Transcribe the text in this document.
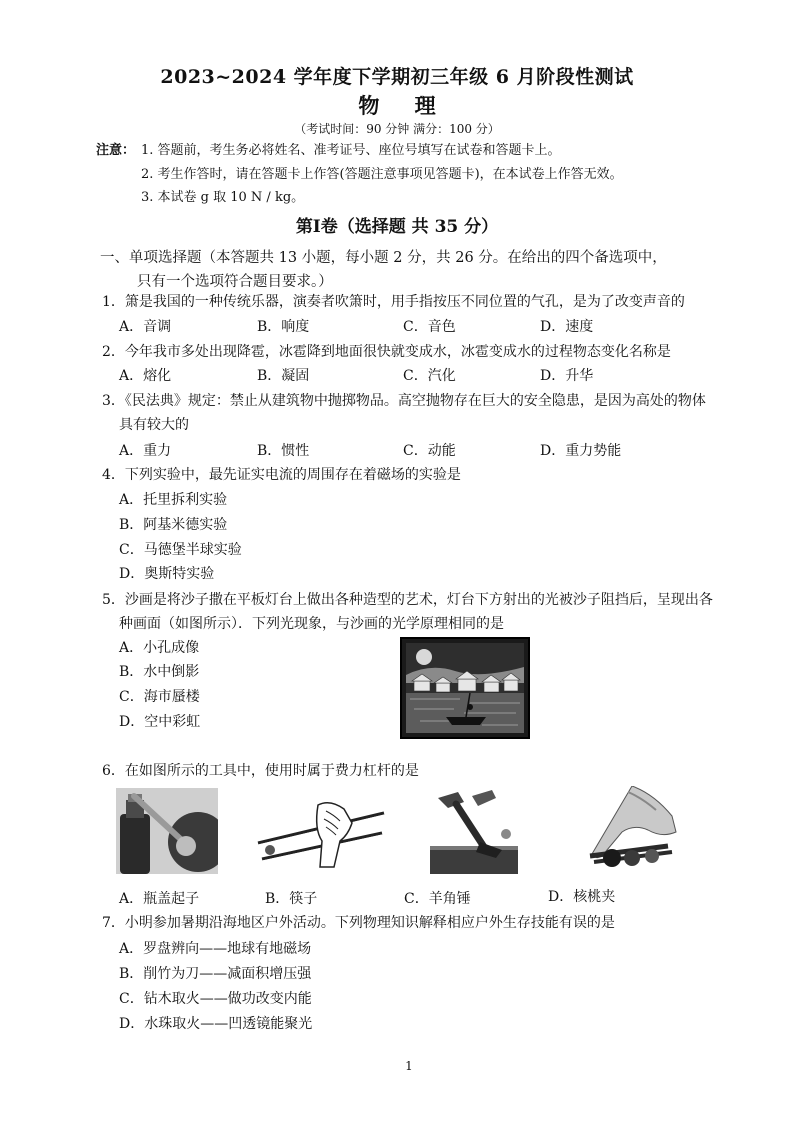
2023~2024 学年度下学期初三年级 6 月阶段性测试
物 理
（考试时间：90 分钟 满分：100 分）
注意： 1. 答题前，考生务必将姓名、准考证号、座位号填写在试卷和答题卡上。
2. 考生作答时，请在答题卡上作答(答题注意事项见答题卡)，在本试卷上作答无效。
3. 本试卷 g 取 10 N / kg。
第Ⅰ卷（选择题 共 35 分）
一、单项选择题（本答题共 13 小题，每小题 2 分，共 26 分。在给出的四个备选项中，
只有一个选项符合题目要求。）
1．箫是我国的一种传统乐器，演奏者吹箫时，用手指按压不同位置的气孔，是为了改变声音的
A．音调	B．响度	C．音色	D．速度
2．今年我市多处出现降雹，冰雹降到地面很快就变成水，冰雹变成水的过程物态变化名称是
A．熔化	B．凝固	C．汽化	D．升华
3．《民法典》规定：禁止从建筑物中抛掷物品。高空抛物存在巨大的安全隐患，是因为高处的物体
具有较大的
A．重力	B．惯性	C．动能	D．重力势能
4．下列实验中，最先证实电流的周围存在着磁场的实验是
A．托里拆利实验
B．阿基米德实验
C．马德堡半球实验
D．奥斯特实验
5．沙画是将沙子撒在平板灯台上做出各种造型的艺术，灯台下方射出的光被沙子阻挡后，呈现出各
种画面（如图所示）．下列光现象，与沙画的光学原理相同的是
A．小孔成像
B．水中倒影
C．海市蜃楼
D．空中彩虹
6．在如图所示的工具中，使用时属于费力杠杆的是
A．瓶盖起子	B．筷子	C．羊角锤	D．核桃夹
7．小明参加暑期沿海地区户外活动。下列物理知识解释相应户外生存技能有误的是
A．罗盘辨向——地球有地磁场
B．削竹为刀——减面积增压强
C．钻木取火——做功改变内能
D．水珠取火——凹透镜能聚光
1
